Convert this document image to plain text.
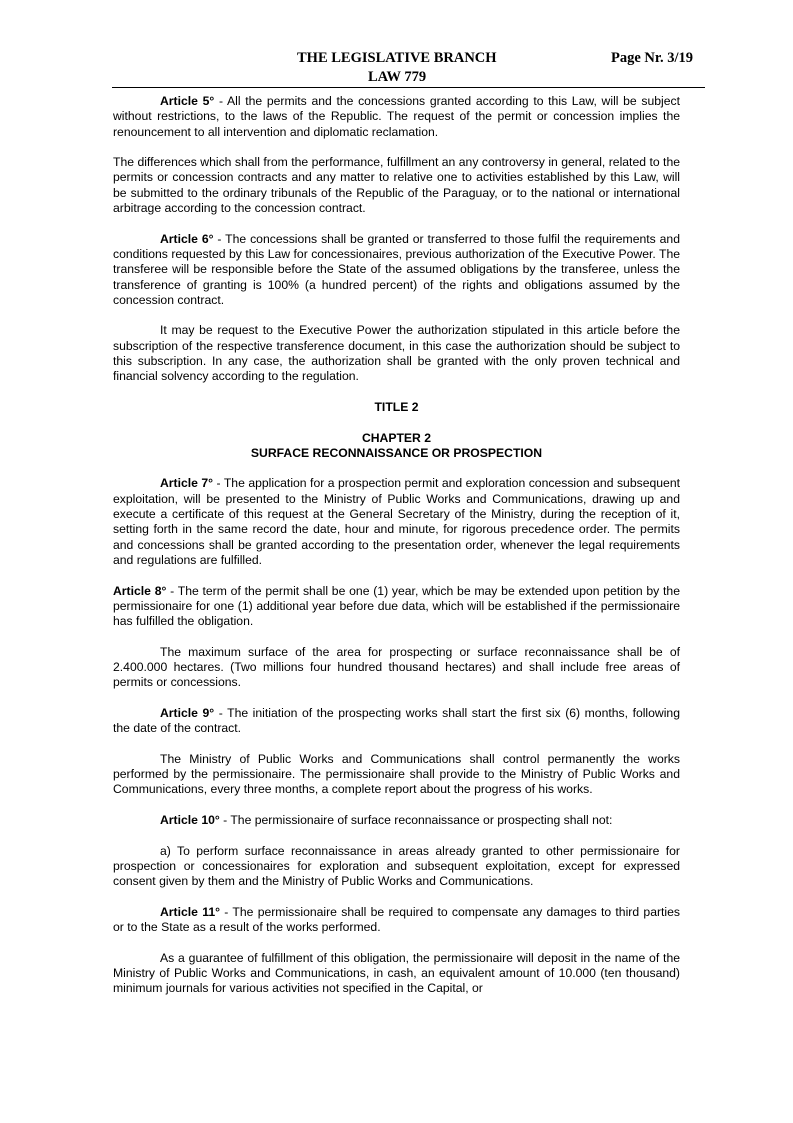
THE LEGISLATIVE BRANCH	Page Nr. 3/19
LAW 779

Article 5° - All the permits and the concessions granted according to this Law, will be subject without restrictions, to the laws of the Republic. The request of the permit or concession implies the renouncement to all intervention and diplomatic reclamation.

The differences which shall from the performance, fulfillment an any controversy in general, related to the permits or concession contracts and any matter to relative one to activities established by this Law, will be submitted to the ordinary tribunals of the Republic of the Paraguay, or to the national or international arbitrage according to the concession contract.

Article 6° - The concessions shall be granted or transferred to those fulfil the requirements and conditions requested by this Law for concessionaires, previous authorization of the Executive Power. The transferee will be responsible before the State of the assumed obligations by the transferee, unless the transference of granting is 100% (a hundred percent) of the rights and obligations assumed by the concession contract.

It may be request to the Executive Power the authorization stipulated in this article before the subscription of the respective transference document, in this case the authorization should be subject to this subscription. In any case, the authorization shall be granted with the only proven technical and financial solvency according to the regulation.

TITLE 2

CHAPTER 2

SURFACE RECONNAISSANCE OR PROSPECTION

Article 7° - The application for a prospection permit and exploration concession and subsequent exploitation, will be presented to the Ministry of Public Works and Communications, drawing up and execute a certificate of this request at the General Secretary of the Ministry, during the reception of it, setting forth in the same record the date, hour and minute, for rigorous precedence order. The permits and concessions shall be granted according to the presentation order, whenever the legal requirements and regulations are fulfilled.

Article 8° - The term of the permit shall be one (1) year, which be may be extended upon petition by the permissionaire for one (1) additional year before due data, which will be established if the permissionaire has fulfilled the obligation.

The maximum surface of the area for prospecting or surface reconnaissance shall be of 2.400.000 hectares. (Two millions four hundred thousand hectares) and shall include free areas of permits or concessions.

Article 9° - The initiation of the prospecting works shall start the first six (6) months, following the date of the contract.

The Ministry of Public Works and Communications shall control permanently the works performed by the permissionaire. The permissionaire shall provide to the Ministry of Public Works and Communications, every three months, a complete report about the progress of his works.

Article 10° - The permissionaire of surface reconnaissance or prospecting shall not:

a) To perform surface reconnaissance in areas already granted to other permissionaire for prospection or concessionaires for exploration and subsequent exploitation, except for expressed consent given by them and the Ministry of Public Works and Communications.

Article 11° - The permissionaire shall be required to compensate any damages to third parties or to the State as a result of the works performed.

As a guarantee of fulfillment of this obligation, the permissionaire will deposit in the name of the Ministry of Public Works and Communications, in cash, an equivalent amount of 10.000 (ten thousand) minimum journals for various activities not specified in the Capital, or
